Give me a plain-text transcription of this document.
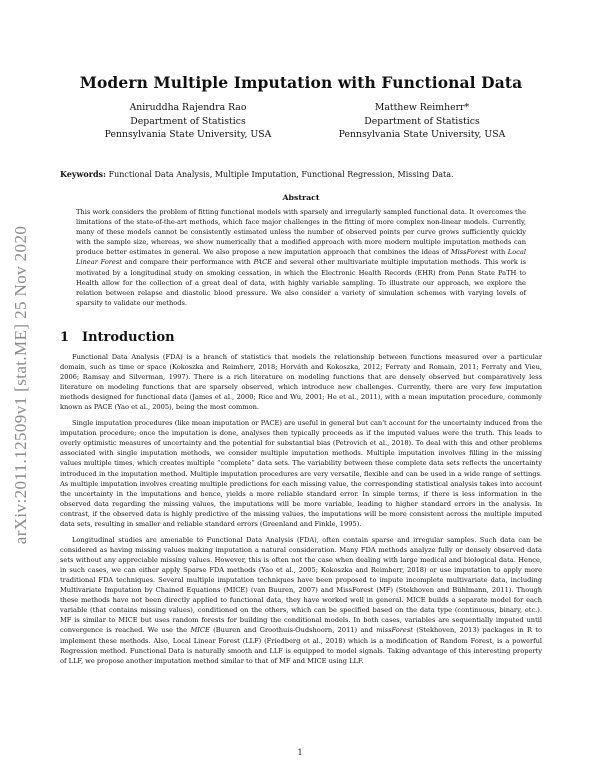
arXiv:2011.12509v1 [stat.ME] 25 Nov 2020
Modern Multiple Imputation with Functional Data
Aniruddha Rajendra Rao
Department of Statistics
Pennsylvania State University, USA
Matthew Reimherr*
Department of Statistics
Pennsylvania State University, USA
Keywords: Functional Data Analysis, Multiple Imputation, Functional Regression, Missing Data.
Abstract

This work considers the problem of fitting functional models with sparsely and irregularly sampled functional data. It overcomes the limitations of the state-of-the-art methods, which face major challenges in the fitting of more complex non-linear models. Currently, many of these models cannot be consistently estimated unless the number of observed points per curve grows sufficiently quickly with the sample size, whereas, we show numerically that a modified approach with more modern multiple imputation methods can produce better estimates in general. We also propose a new imputation approach that combines the ideas of MissForest with Local Linear Forest and compare their performance with PACE and several other multivariate multiple imputation methods. This work is motivated by a longitudinal study on smoking cessation, in which the Electronic Health Records (EHR) from Penn State PaTH to Health allow for the collection of a great deal of data, with highly variable sampling. To illustrate our approach, we explore the relation between relapse and diastolic blood pressure. We also consider a variety of simulation schemes with varying levels of sparsity to validate our methods.

1 Introduction

Functional Data Analysis (FDA) is a branch of statistics that models the relationship between functions measured over a particular domain, such as time or space (Kokoszka and Reimherr, 2018; Horváth and Kokoszka, 2012; Ferraty and Romain, 2011; Ferraty and Vieu, 2006; Ramsay and Silverman, 1997). There is a rich literature on modeling functions that are densely observed but comparatively less literature on modeling functions that are sparsely observed, which introduce new challenges. Currently, there are very few imputation methods designed for functional data (James et al., 2000; Rice and Wu, 2001; He et al., 2011), with a mean imputation procedure, commonly known as PACE (Yao et al., 2005), being the most common.

Single imputation procedures (like mean imputation or PACE) are useful in general but can't account for the uncertainty induced from the imputation procedure; once the imputation is done, analyses then typically proceeds as if the imputed values were the truth. This leads to overly optimistic measures of uncertainty and the potential for substantial bias (Petrovich et al., 2018). To deal with this and other problems associated with single imputation methods, we consider multiple imputation methods. Multiple imputation involves filling in the missing values multiple times, which creates multiple “complete” data sets. The variability between these complete data sets reflects the uncertainty introduced in the imputation method. Multiple imputation procedures are very versatile, flexible and can be used in a wide range of settings. As multiple imputation involves creating multiple predictions for each missing value, the corresponding statistical analysis takes into account the uncertainty in the imputations and hence, yields a more reliable standard error. In simple terms, if there is less information in the observed data regarding the missing values, the imputations will be more variable, leading to higher standard errors in the analysis. In contrast, if the observed data is highly predictive of the missing values, the imputations will be more consistent across the multiple imputed data sets, resulting in smaller and reliable standard errors (Greenland and Finkle, 1995).

Longitudinal studies are amenable to Functional Data Analysis (FDA), often contain sparse and irregular samples. Such data can be considered as having missing values making imputation a natural consideration. Many FDA methods analyze fully or densely observed data sets without any appreciable missing values. However, this is often not the case when dealing with large medical and biological data. Hence, in such cases, we can either apply Sparse FDA methods (Yao et al., 2005; Kokoszka and Reimherr, 2018) or use imputation to apply more traditional FDA techniques. Several multiple imputation techniques have been proposed to impute incomplete multivariate data, including Multivariate Imputation by Chained Equations (MICE) (van Buuren, 2007) and MissForest (MF) (Stekhoven and Bühlmann, 2011). Though these methods have not been directly applied to functional data, they have worked well in general. MICE builds a separate model for each variable (that contains missing values), conditioned on the others, which can be specified based on the data type (continuous, binary, etc.). MF is similar to MICE but uses random forests for building the conditional models. In both cases, variables are sequentially imputed until convergence is reached. We use the MICE (Buuren and Groothuis-Oudshoorn, 2011) and missForest (Stekhoven, 2013) packages in R to implement these methods. Also, Local Linear Forest (LLF) (Friedberg et al., 2018) which is a modification of Random Forest, is a powerful Regression method. Functional Data is naturally smooth and LLF is equipped to model signals. Taking advantage of this interesting property of LLF, we propose another imputation method similar to that of MF and MICE using LLF.

1
